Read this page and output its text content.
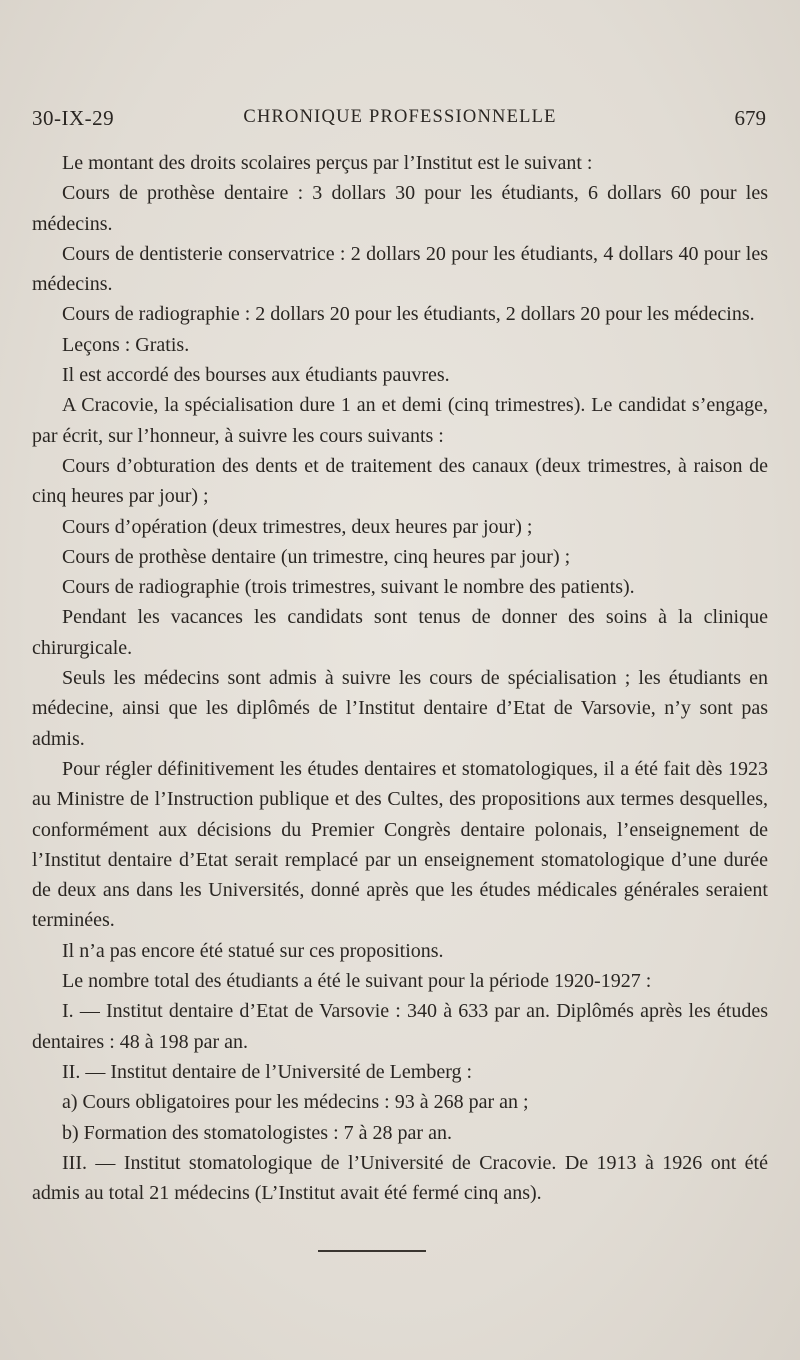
30-IX-29	CHRONIQUE PROFESSIONNELLE	679

Le montant des droits scolaires perçus par l’Institut est le suivant :

Cours de prothèse dentaire : 3 dollars 30 pour les étudiants, 6 dollars 60 pour les médecins.

Cours de dentisterie conservatrice : 2 dollars 20 pour les étudiants, 4 dollars 40 pour les médecins.

Cours de radiographie : 2 dollars 20 pour les étudiants, 2 dollars 20 pour les médecins.

Leçons : Gratis.

Il est accordé des bourses aux étudiants pauvres.

A Cracovie, la spécialisation dure 1 an et demi (cinq trimestres). Le candidat s’engage, par écrit, sur l’honneur, à suivre les cours suivants :

Cours d’obturation des dents et de traitement des canaux (deux trimestres, à raison de cinq heures par jour) ;

Cours d’opération (deux trimestres, deux heures par jour) ;

Cours de prothèse dentaire (un trimestre, cinq heures par jour) ;

Cours de radiographie (trois trimestres, suivant le nombre des patients).

Pendant les vacances les candidats sont tenus de donner des soins à la clinique chirurgicale.

Seuls les médecins sont admis à suivre les cours de spécialisation ; les étudiants en médecine, ainsi que les diplômés de l’Institut dentaire d’Etat de Varsovie, n’y sont pas admis.

Pour régler définitivement les études dentaires et stomatologiques, il a été fait dès 1923 au Ministre de l’Instruction publique et des Cultes, des propositions aux termes desquelles, conformément aux décisions du Premier Congrès dentaire polonais, l’enseignement de l’Institut dentaire d’Etat serait remplacé par un enseignement stomatologique d’une durée de deux ans dans les Universités, donné après que les études médicales générales seraient terminées.

Il n’a pas encore été statué sur ces propositions.

Le nombre total des étudiants a été le suivant pour la période 1920-1927 :

I. — Institut dentaire d’Etat de Varsovie : 340 à 633 par an. Diplômés après les études dentaires : 48 à 198 par an.

II. — Institut dentaire de l’Université de Lemberg :

a) Cours obligatoires pour les médecins : 93 à 268 par an ;

b) Formation des stomatologistes : 7 à 28 par an.

III. — Institut stomatologique de l’Université de Cracovie. De 1913 à 1926 ont été admis au total 21 médecins (L’Institut avait été fermé cinq ans).
